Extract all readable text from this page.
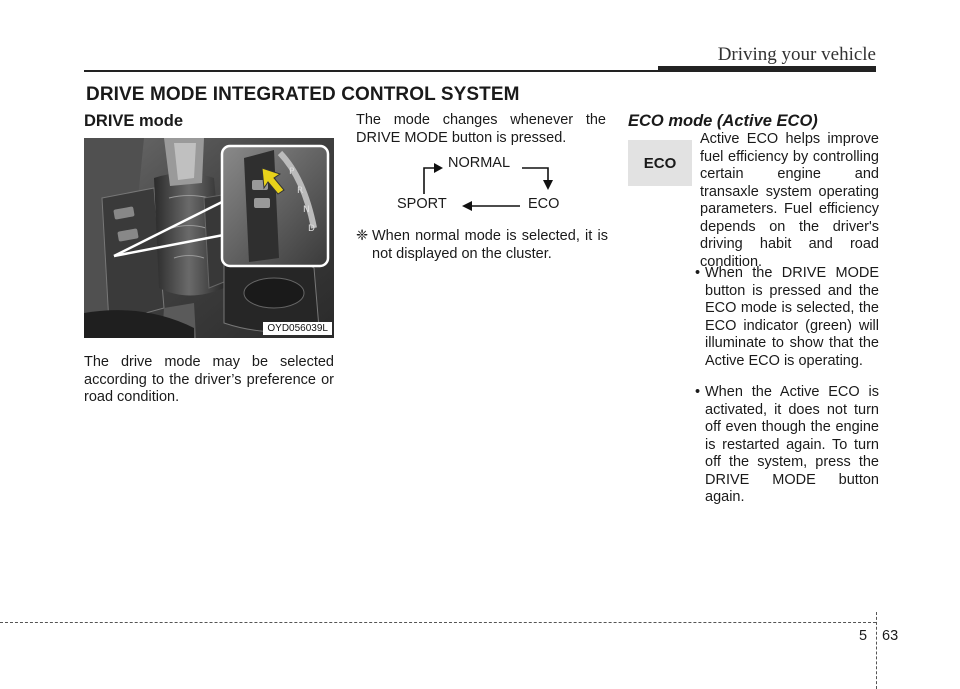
Driving your vehicle
DRIVE MODE INTEGRATED CONTROL SYSTEM
DRIVE mode
P
R
N
D
OYD056039L
The drive mode may be selected according to the driver’s preference or road condition.
The mode changes whenever the DRIVE MODE button is pressed.
NORMAL
SPORT	ECO
❈ When normal mode is selected, it is not displayed on the cluster.
ECO mode (Active ECO)
ECO
Active ECO helps improve fuel efficiency by controlling certain engine and transaxle system operating parameters. Fuel efficiency depends on the driver's driving habit and road condition.
• When the DRIVE MODE button is pressed and the ECO mode is selected, the ECO indicator (green) will illuminate to show that the Active ECO is operating.
• When the Active ECO is activated, it does not turn off even though the engine is restarted again. To turn off the system, press the DRIVE MODE button again.
5 63
